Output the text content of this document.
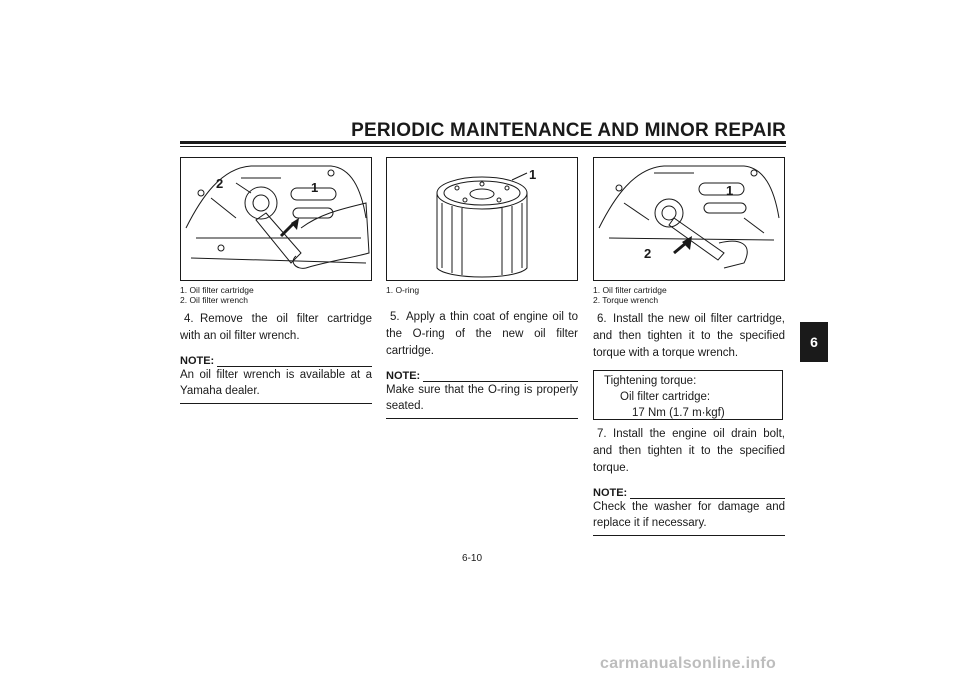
PERIODIC MAINTENANCE AND MINOR REPAIR
2	1
1. Oil filter cartridge
2. Oil filter wrench
4. Remove the oil filter cartridge with an oil filter wrench.
NOTE:
An oil filter wrench is available at a Yamaha dealer.
1
1. O-ring
5. Apply a thin coat of engine oil to the O-ring of the new oil filter cartridge.
NOTE:
Make sure that the O-ring is properly seated.
1
2
1. Oil filter cartridge
2. Torque wrench
6. Install the new oil filter cartridge, and then tighten it to the specified torque with a torque wrench.
Tightening torque:
Oil filter cartridge:
17 Nm (1.7 m·kgf)
7. Install the engine oil drain bolt, and then tighten it to the specified torque.
NOTE:
Check the washer for damage and replace it if necessary.
6
6-10
carmanualsonline.info
